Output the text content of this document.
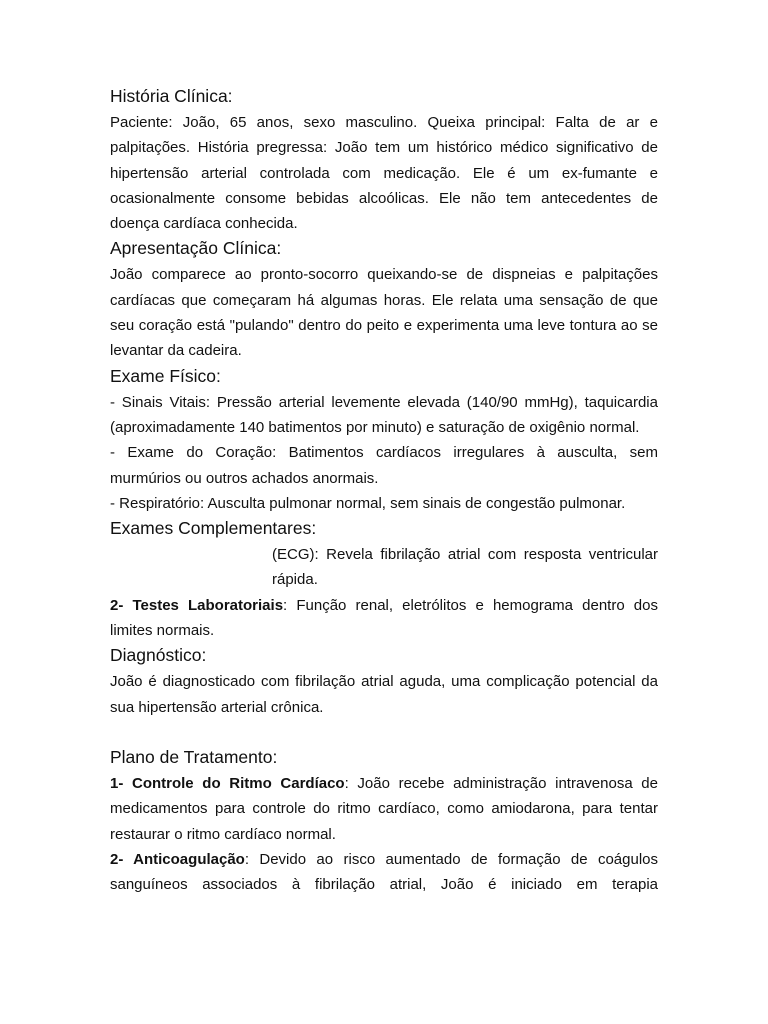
História Clínica:

Paciente: João, 65 anos, sexo masculino. Queixa principal: Falta de ar e palpitações. História pregressa: João tem um histórico médico significativo de hipertensão arterial controlada com medicação. Ele é um ex-fumante e ocasionalmente consome bebidas alcoólicas. Ele não tem antecedentes de doença cardíaca conhecida.

Apresentação Clínica:

João comparece ao pronto-socorro queixando-se de dispneias e palpitações cardíacas que começaram há algumas horas. Ele relata uma sensação de que seu coração está "pulando" dentro do peito e experimenta uma leve tontura ao se levantar da cadeira.

Exame Físico:

- Sinais Vitais: Pressão arterial levemente elevada (140/90 mmHg), taquicardia (aproximadamente 140 batimentos por minuto) e saturação de oxigênio normal.

- Exame do Coração: Batimentos cardíacos irregulares à ausculta, sem murmúrios ou outros achados anormais.

- Respiratório: Ausculta pulmonar normal, sem sinais de congestão pulmonar.

Exames Complementares:

(ECG): Revela fibrilação atrial com resposta ventricular rápida.

2- Testes Laboratoriais: Função renal, eletrólitos e hemograma dentro dos limites normais.

Diagnóstico:

João é diagnosticado com fibrilação atrial aguda, uma complicação potencial da sua hipertensão arterial crônica.

Plano de Tratamento:

1- Controle do Ritmo Cardíaco: João recebe administração intravenosa de medicamentos para controle do ritmo cardíaco, como amiodarona, para tentar restaurar o ritmo cardíaco normal.

2- Anticoagulação: Devido ao risco aumentado de formação de coágulos sanguíneos associados à fibrilação atrial, João é iniciado em terapia
